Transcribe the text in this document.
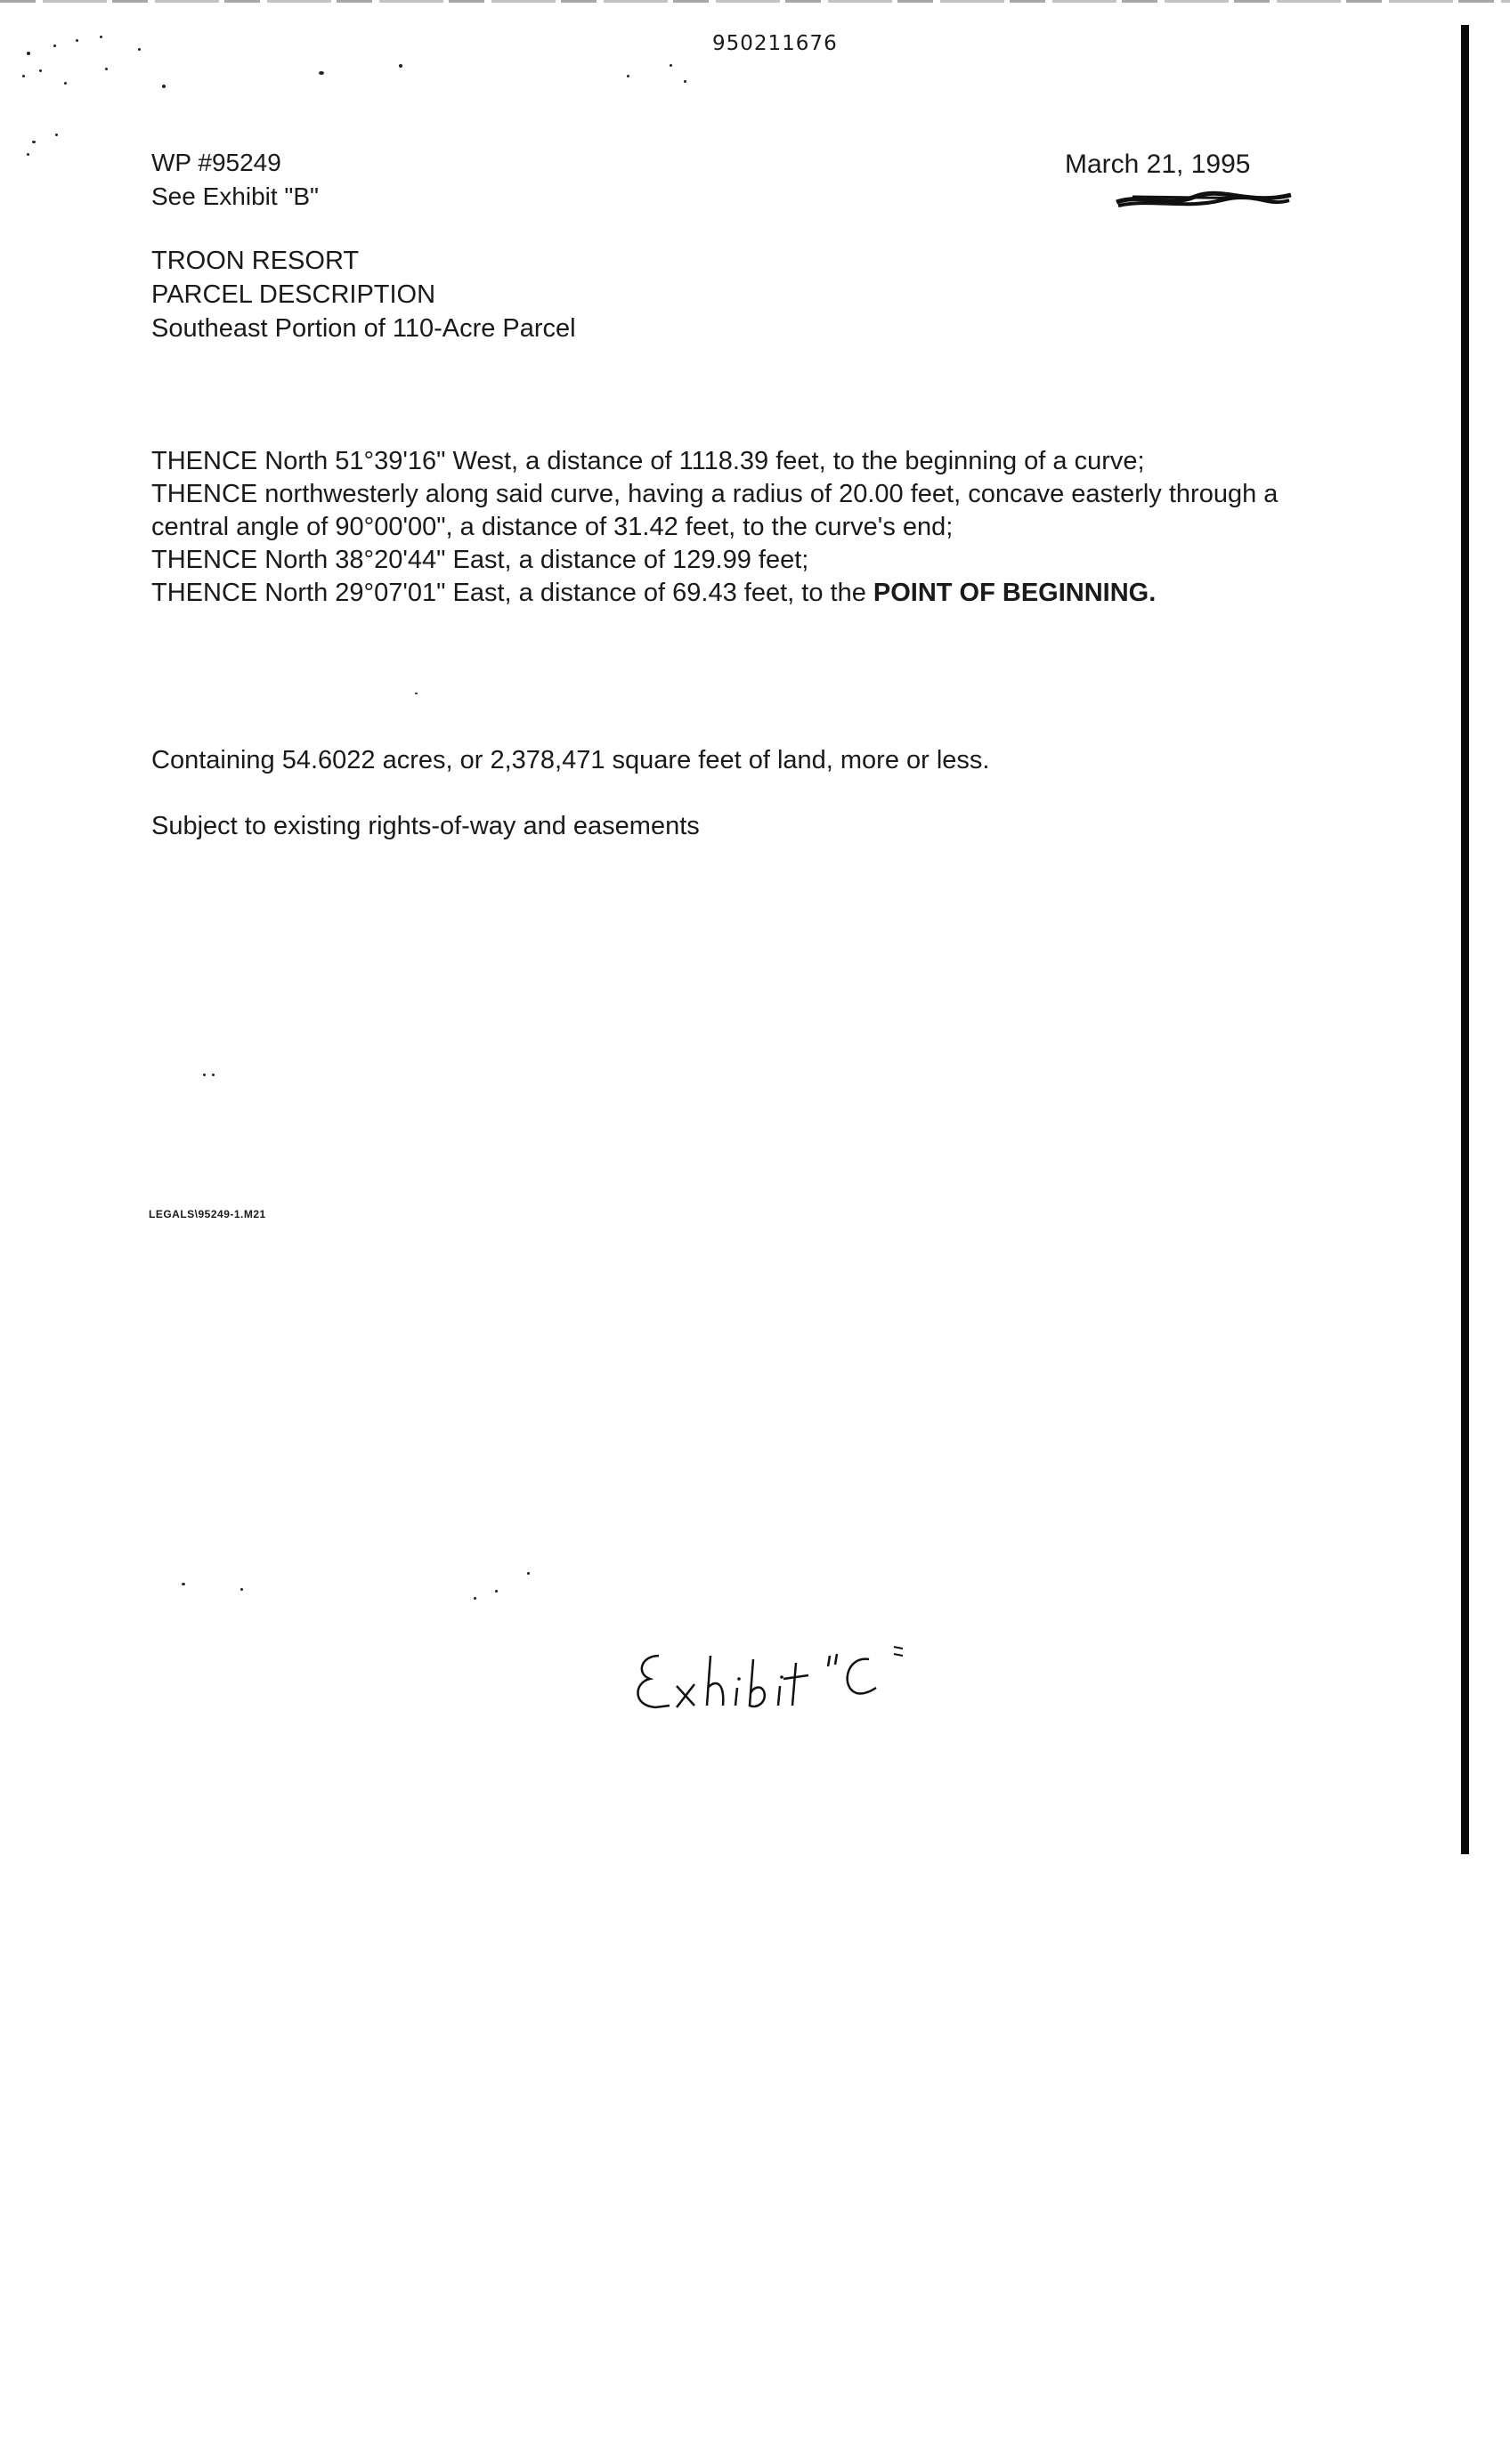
950211676
WP #95249
See Exhibit "B"
March 21, 1995
TROON RESORT
PARCEL DESCRIPTION
Southeast Portion of 110-Acre Parcel

THENCE North 51°39'16" West, a distance of 1118.39 feet, to the beginning of a curve;

THENCE northwesterly along said curve, having a radius of 20.00 feet, concave easterly through a central angle of 90°00'00", a distance of 31.42 feet, to the curve's end;

THENCE North 38°20'44" East, a distance of 129.99 feet;

THENCE North 29°07'01" East, a distance of 69.43 feet, to the POINT OF BEGINNING.

Containing 54.6022 acres, or 2,378,471 square feet of land, more or less.
Subject to existing rights-of-way and easements
LEGALS\95249-1.M21
